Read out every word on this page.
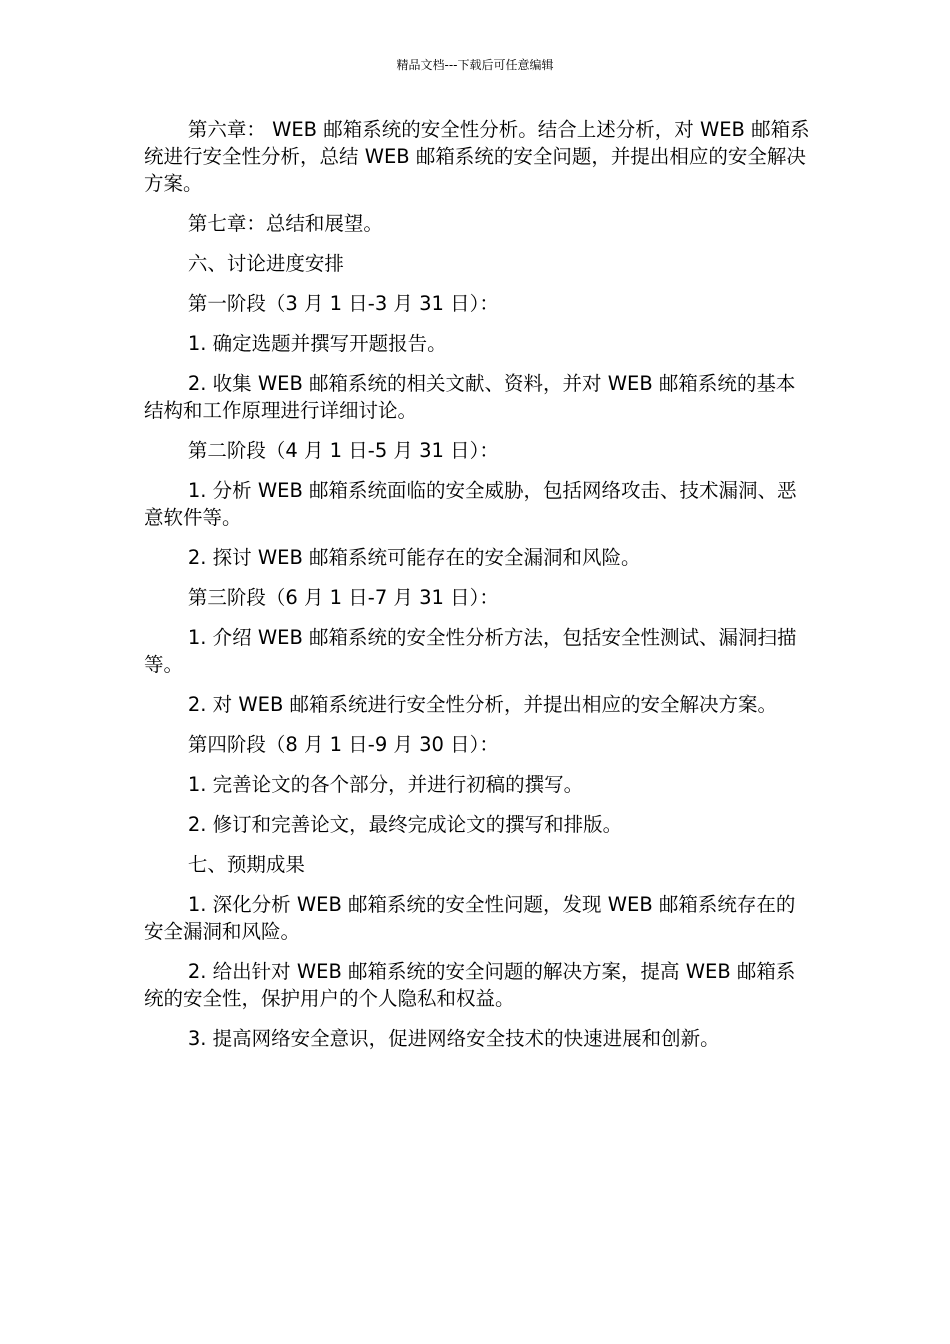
精品文档---下载后可任意编辑

第六章： WEB 邮箱系统的安全性分析。结合上述分析，对 WEB 邮箱系统进行安全性分析，总结 WEB 邮箱系统的安全问题，并提出相应的安全解决方案。

第七章：总结和展望。

六、讨论进度安排

第一阶段（3 月 1 日-3 月 31 日）：

1. 确定选题并撰写开题报告。

2. 收集 WEB 邮箱系统的相关文献、资料，并对 WEB 邮箱系统的基本结构和工作原理进行详细讨论。

第二阶段（4 月 1 日-5 月 31 日）：

1. 分析 WEB 邮箱系统面临的安全威胁，包括网络攻击、技术漏洞、恶意软件等。

2. 探讨 WEB 邮箱系统可能存在的安全漏洞和风险。

第三阶段（6 月 1 日-7 月 31 日）：

1. 介绍 WEB 邮箱系统的安全性分析方法，包括安全性测试、漏洞扫描等。

2. 对 WEB 邮箱系统进行安全性分析，并提出相应的安全解决方案。

第四阶段（8 月 1 日-9 月 30 日）：

1. 完善论文的各个部分，并进行初稿的撰写。

2. 修订和完善论文，最终完成论文的撰写和排版。

七、预期成果

1. 深化分析 WEB 邮箱系统的安全性问题，发现 WEB 邮箱系统存在的安全漏洞和风险。

2. 给出针对 WEB 邮箱系统的安全问题的解决方案，提高 WEB 邮箱系统的安全性，保护用户的个人隐私和权益。

3. 提高网络安全意识，促进网络安全技术的快速进展和创新。
